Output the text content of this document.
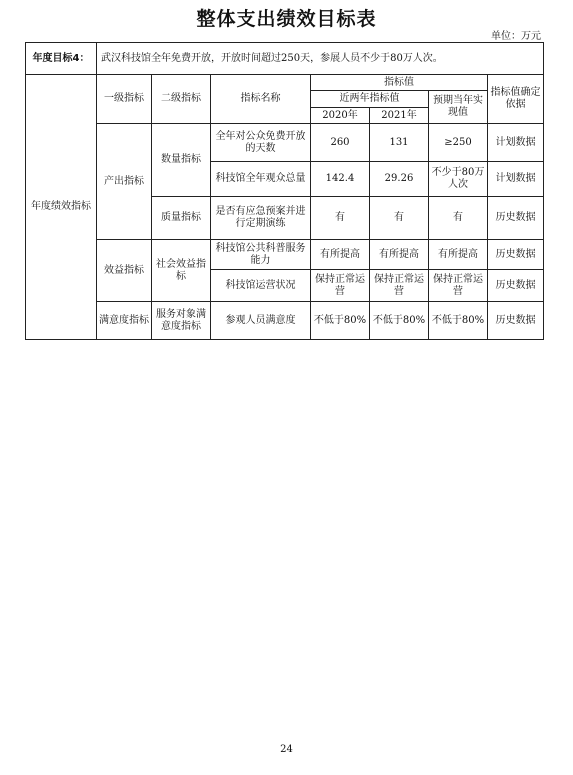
整体支出绩效目标表
单位：万元
年度目标4：	武汉科技馆全年免费开放，开放时间超过250天，参展人员不少于80万人次。						
年度绩效指标	一级指标	二级指标	指标名称	指标值			指标值确定依据
				近两年指标值		预期当年实现值	
				2020年	2021年		
	产出指标	数量指标	全年对公众免费开放的天数	260	131	≥250	计划数据
			科技馆全年观众总量	142.4	29.26	不少于80万人次	计划数据
		质量指标	是否有应急预案并进行定期演练	有	有	有	历史数据
	效益指标	社会效益指标	科技馆公共科普服务能力	有所提高	有所提高	有所提高	历史数据
			科技馆运营状况	保持正常运营	保持正常运营	保持正常运营	历史数据
	满意度指标	服务对象满意度指标	参观人员满意度	不低于80%	不低于80%	不低于80%	历史数据
24
